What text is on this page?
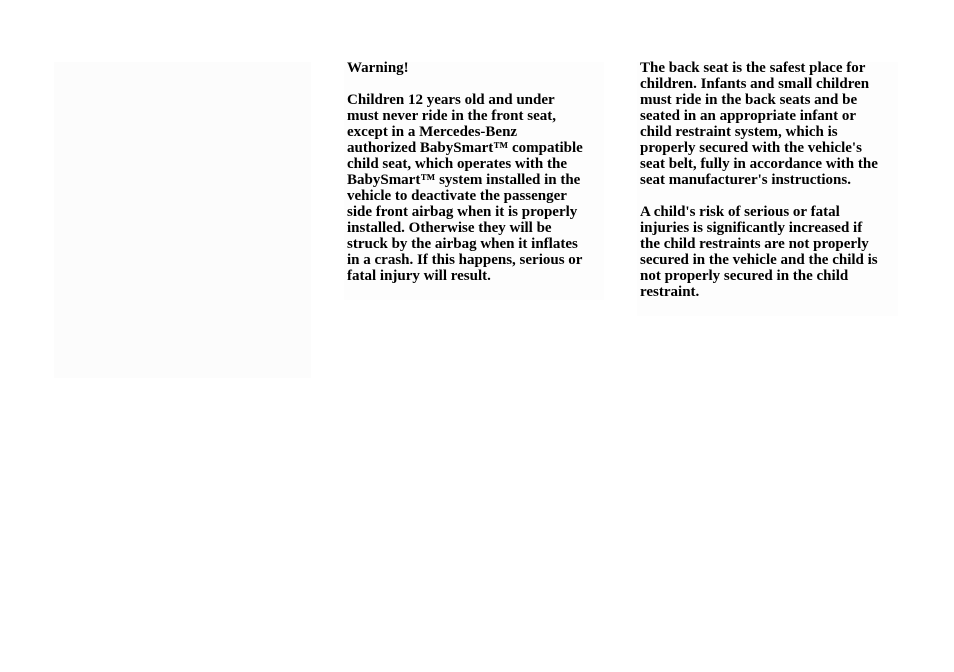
Warning!

Children 12 years old and under
must never ride in the front seat,
except in a Mercedes-Benz
authorized BabySmart™ compatible
child seat, which operates with the
BabySmart™ system installed in the
vehicle to deactivate the passenger
side front airbag when it is properly
installed. Otherwise they will be
struck by the airbag when it inflates
in a crash. If this happens, serious or
fatal injury will result.

The back seat is the safest place for
children. Infants and small children
must ride in the back seats and be
seated in an appropriate infant or
child restraint system, which is
properly secured with the vehicle's
seat belt, fully in accordance with the
seat manufacturer's instructions.

A child's risk of serious or fatal
injuries is significantly increased if
the child restraints are not properly
secured in the vehicle and the child is
not properly secured in the child
restraint.
